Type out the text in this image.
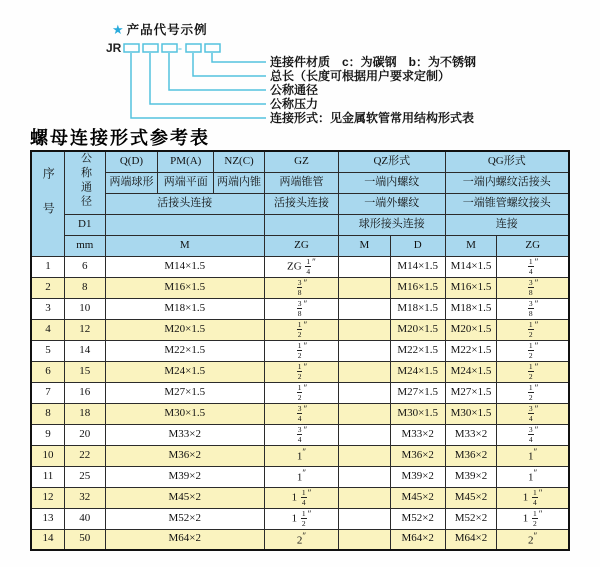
★ 产品代号示例
JR	-
连接件材质　c：为碳钢　b：为不锈钢
总长（长度可根据用户要求定制）
公称通径
公称压力
连接形式：见金属软管常用结构形式表
螺母连接形式参考表
序号	公称通径	Q(D)	PM(A)	NZ(C)	GZ	QZ形式		QG形式	
		两端球形	两端平面	两端内锥	两端锥管	一端内螺纹		一端内螺纹活接头	
		活接头连接			活接头连接	一端外螺纹		一端锥管螺纹接头	
	D1					球形接头连接		连接	
	mm	M			ZG	M	D	M	ZG
1	6	M14×1.5			ZG $\frac{1}{4} ''$		M14×1.5	M14×1.5	$\frac{1}{4} ''$
2	8	M16×1.5			$\frac{3}{8} ''$		M16×1.5	M16×1.5	$\frac{3}{8} ''$
3	10	M18×1.5			$\frac{3}{8} ''$		M18×1.5	M18×1.5	$\frac{3}{8} ''$
4	12	M20×1.5			$\frac{1}{2} ''$		M20×1.5	M20×1.5	$\frac{1}{2} ''$
5	14	M22×1.5			$\frac{1}{2} ''$		M22×1.5	M22×1.5	$\frac{1}{2} ''$
6	15	M24×1.5			$\frac{1}{2} ''$		M24×1.5	M24×1.5	$\frac{1}{2} ''$
7	16	M27×1.5			$\frac{1}{2} ''$		M27×1.5	M27×1.5	$\frac{1}{2} ''$
8	18	M30×1.5			$\frac{3}{4} ''$		M30×1.5	M30×1.5	$\frac{3}{4} ''$
9	20	M33×2			$\frac{3}{4} ''$		M33×2	M33×2	$\frac{3}{4} ''$
10	22	M36×2			1″		M36×2	M36×2	1″
11	25	M39×2			1″		M39×2	M39×2	1″
12	32	M45×2			$1 \frac{1}{4} ''$		M45×2	M45×2	$1 \frac{1}{4} ''$
13	40	M52×2			$1 \frac{1}{2} ''$		M52×2	M52×2	$1 \frac{1}{2} ''$
14	50	M64×2			2″		M64×2	M64×2	2″
